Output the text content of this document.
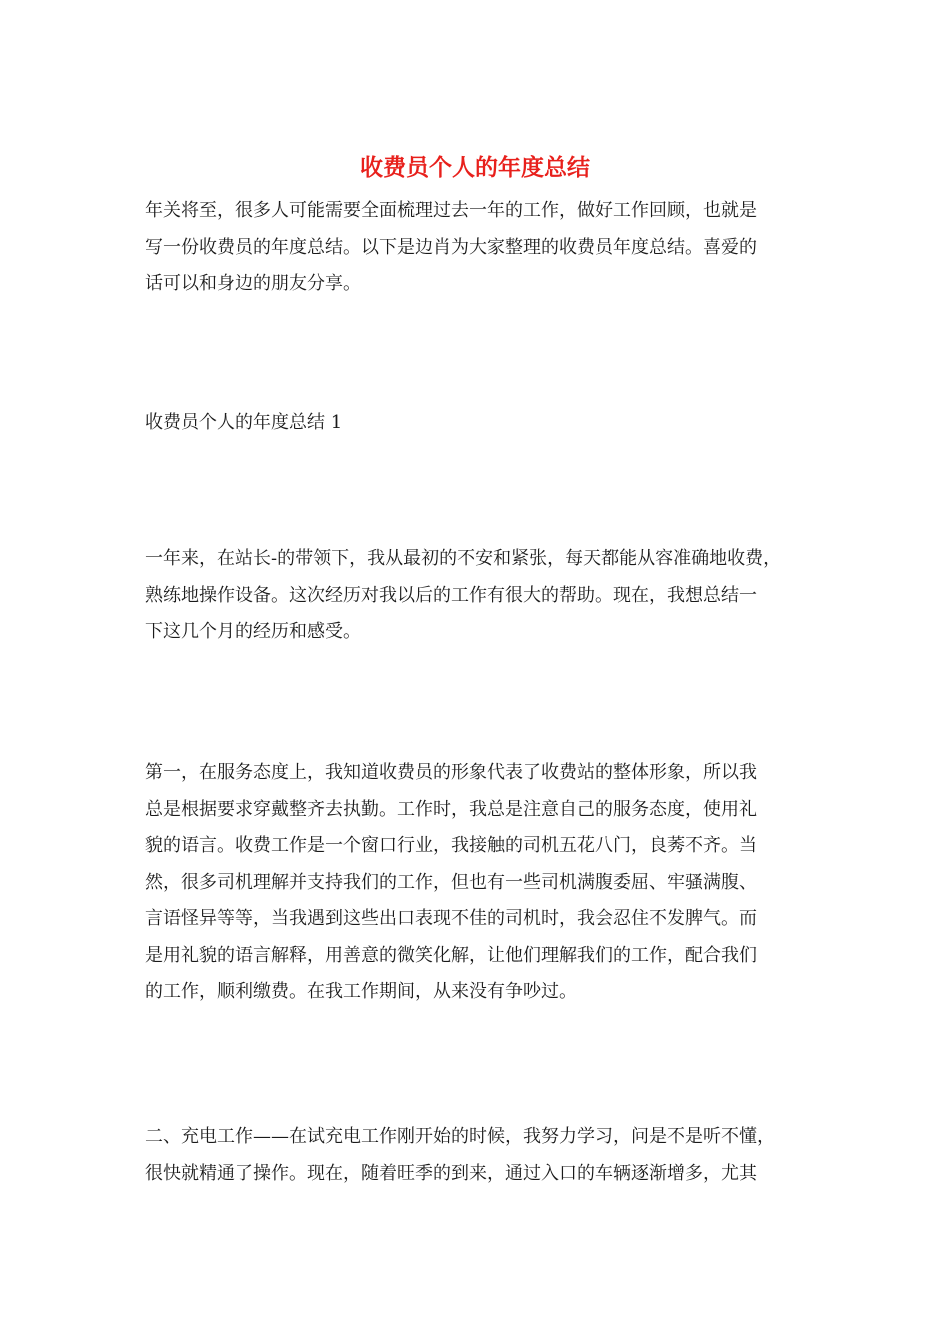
收费员个人的年度总结
年关将至，很多人可能需要全面梳理过去一年的工作，做好工作回顾，也就是
写一份收费员的年度总结。以下是边肖为大家整理的收费员年度总结。喜爱的
话可以和身边的朋友分享。
收费员个人的年度总结 1
一年来，在站长-的带领下，我从最初的不安和紧张，每天都能从容准确地收费，
熟练地操作设备。这次经历对我以后的工作有很大的帮助。现在，我想总结一
下这几个月的经历和感受。
第一，在服务态度上，我知道收费员的形象代表了收费站的整体形象，所以我
总是根据要求穿戴整齐去执勤。工作时，我总是注意自己的服务态度，使用礼
貌的语言。收费工作是一个窗口行业，我接触的司机五花八门，良莠不齐。当
然，很多司机理解并支持我们的工作，但也有一些司机满腹委屈、牢骚满腹、
言语怪异等等，当我遇到这些出口表现不佳的司机时，我会忍住不发脾气。而
是用礼貌的语言解释，用善意的微笑化解，让他们理解我们的工作，配合我们
的工作，顺利缴费。在我工作期间，从来没有争吵过。
二、充电工作——在试充电工作刚开始的时候，我努力学习，问是不是听不懂，
很快就精通了操作。现在，随着旺季的到来，通过入口的车辆逐渐增多，尤其
